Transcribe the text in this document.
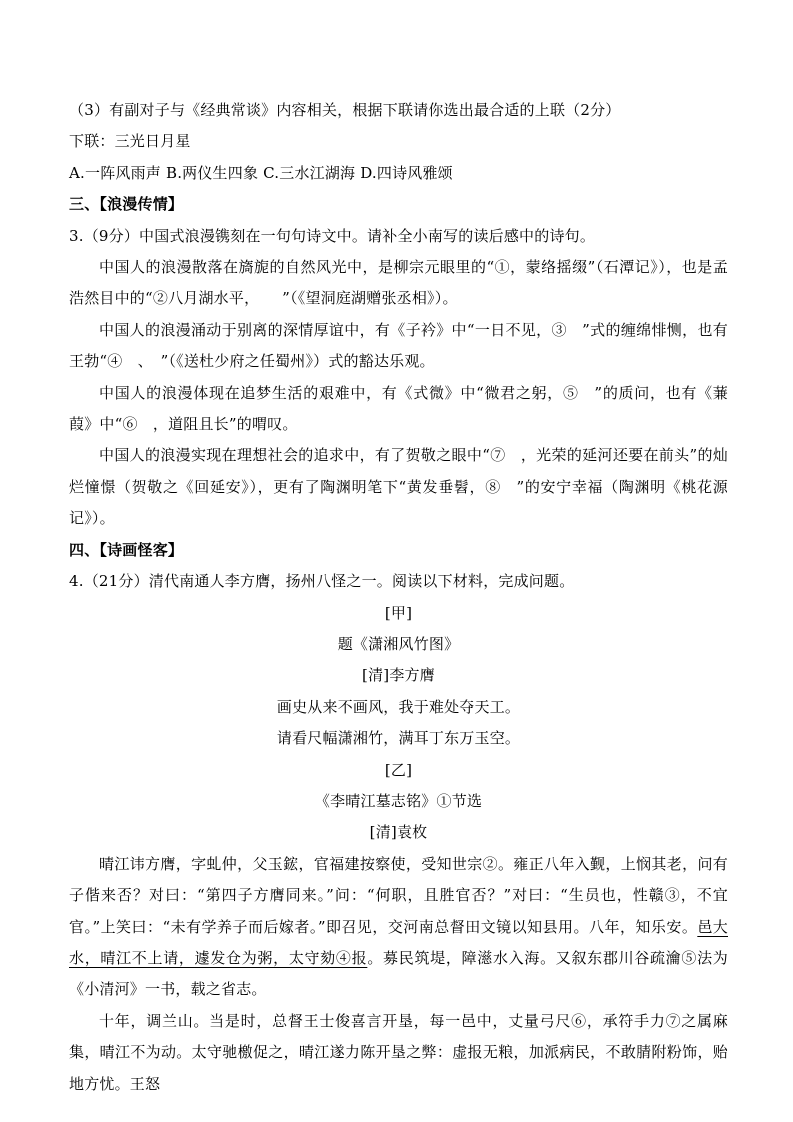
（3）有副对子与《经典常谈》内容相关，根据下联请你选出最合适的上联（2分）
下联：三光日月星
A.一阵风雨声 B.两仪生四象 C.三水江湖海 D.四诗风雅颂
三、【浪漫传情】
3.（9分）中国式浪漫镌刻在一句句诗文中。请补全小南写的读后感中的诗句。
中国人的浪漫散落在旖旎的自然风光中，是柳宗元眼里的“①，蒙络摇缀”（石潭记》），也是孟浩然目中的“②八月湖水平，　　”（《望洞庭湖赠张丞相》）。
中国人的浪漫涌动于别离的深情厚谊中，有《子衿》中“一日不见，③　”式的缠绵悱恻，也有王勃“④　、　”（《送杜少府之任蜀州》）式的豁达乐观。
中国人的浪漫体现在追梦生活的艰难中，有《式微》中“微君之躬，⑤　”的质问，也有《蒹葭》中“⑥　，道阻且长”的喟叹。
中国人的浪漫实现在理想社会的追求中，有了贺敬之眼中“⑦　，光荣的延河还要在前头”的灿烂憧憬（贺敬之《回延安》），更有了陶渊明笔下“黄发垂髫，⑧　”的安宁幸福（陶渊明《桃花源记》）。
四、【诗画怪客】
4.（21分）清代南通人李方膺，扬州八怪之一。阅读以下材料，完成问题。
[甲]
题《潇湘风竹图》
[清]李方膺
画史从来不画风，我于难处夺天工。
请看尺幅潇湘竹，满耳丁东万玉空。
[乙]
《李晴江墓志铭》①节选
[清]袁枚
晴江讳方膺，字虬仲，父玉鋐，官福建按察使，受知世宗②。雍正八年入觐，上悯其老，问有子偕来否？对曰：“第四子方膺同来。”问：“何职，且胜官否？”对曰：“生员也，性赣③，不宜官。”上笑曰：“未有学养子而后嫁者。”即召见，交河南总督田文镜以知县用。八年，知乐安。邑大水，晴江不上请，遽发仓为粥，太守劾④报。募民筑堤，障濨水入海。又叙东郡川谷疏瀹⑤法为《小清河》一书，载之省志。
十年，调兰山。当是时，总督王士俊喜言开垦，每一邑中，丈量弓尺⑥，承符手力⑦之属麻集，晴江不为动。太守驰檄促之，晴江遂力陈开垦之弊：虚报无粮，加派病民，不敢腈附粉饰，贻地方忧。王怒
